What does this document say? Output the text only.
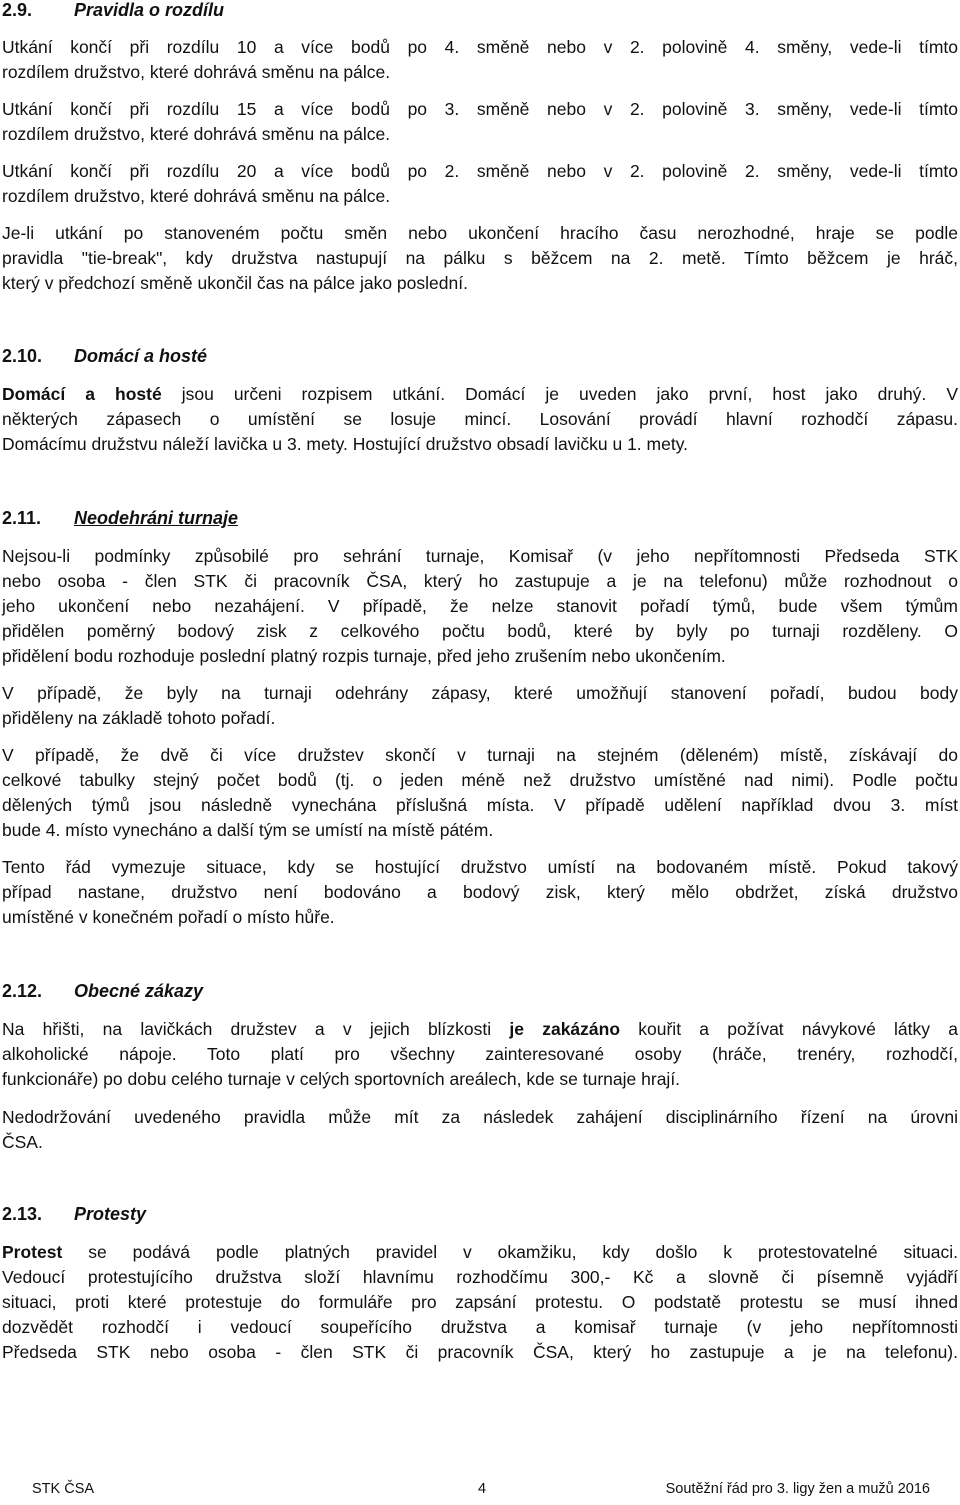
2.9. Pravidla o rozdílu
Utkání končí při rozdílu 10 a více bodů po 4. směně nebo v 2. polovině 4. směny, vede-li tímto
rozdílem družstvo, které dohrává směnu na pálce.
Utkání končí při rozdílu 15 a více bodů po 3. směně nebo v 2. polovině 3. směny, vede-li tímto
rozdílem družstvo, které dohrává směnu na pálce.
Utkání končí při rozdílu 20 a více bodů po 2. směně nebo v 2. polovině 2. směny, vede-li tímto
rozdílem družstvo, které dohrává směnu na pálce.
Je-li utkání po stanoveném počtu směn nebo ukončení hracího času nerozhodné, hraje se podle
pravidla "tie-break", kdy družstva nastupují na pálku s běžcem na 2. metě. Tímto běžcem je hráč,
který v předchozí směně ukončil čas na pálce jako poslední.
2.10. Domácí a hosté
Domácí a hosté jsou určeni rozpisem utkání. Domácí je uveden jako první, host jako druhý. V
některých zápasech o umístění se losuje mincí. Losování provádí hlavní rozhodčí zápasu.
Domácímu družstvu náleží lavička u 3. mety. Hostující družstvo obsadí lavičku u 1. mety.
2.11. Neodehráni turnaje
Nejsou-li podmínky způsobilé pro sehrání turnaje, Komisař (v jeho nepřítomnosti Předseda STK
nebo osoba - člen STK či pracovník ČSA, který ho zastupuje a je na telefonu) může rozhodnout o
jeho ukončení nebo nezahájení. V případě, že nelze stanovit pořadí týmů, bude všem týmům
přidělen poměrný bodový zisk z celkového počtu bodů, které by byly po turnaji rozděleny. O
přidělení bodu rozhoduje poslední platný rozpis turnaje, před jeho zrušením nebo ukončením.
V případě, že byly na turnaji odehrány zápasy, které umožňují stanovení pořadí, budou body
přiděleny na základě tohoto pořadí.
V případě, že dvě či více družstev skončí v turnaji na stejném (děleném) místě, získávají do
celkové tabulky stejný počet bodů (tj. o jeden méně než družstvo umístěné nad nimi). Podle počtu
dělených týmů jsou následně vynechána příslušná místa. V případě udělení například dvou 3. míst
bude 4. místo vynecháno a další tým se umístí na místě pátém.
Tento řád vymezuje situace, kdy se hostující družstvo umístí na bodovaném místě. Pokud takový
případ nastane, družstvo není bodováno a bodový zisk, který mělo obdržet, získá družstvo
umístěné v konečném pořadí o místo hůře.
2.12. Obecné zákazy
Na hřišti, na lavičkách družstev a v jejich blízkosti je zakázáno kouřit a požívat návykové látky a
alkoholické nápoje. Toto platí pro všechny zainteresované osoby (hráče, trenéry, rozhodčí,
funkcionáře) po dobu celého turnaje v celých sportovních areálech, kde se turnaje hrají.
Nedodržování uvedeného pravidla může mít za následek zahájení disciplinárního řízení na úrovni
ČSA.
2.13. Protesty
Protest se podává podle platných pravidel v okamžiku, kdy došlo k protestovatelné situaci.
Vedoucí protestujícího družstva složí hlavnímu rozhodčímu 300,- Kč a slovně či písemně vyjádří
situaci, proti které protestuje do formuláře pro zapsání protestu. O podstatě protestu se musí ihned
dozvědět rozhodčí i vedoucí soupeřícího družstva a komisař turnaje (v jeho nepřítomnosti
Předseda STK nebo osoba - člen STK či pracovník ČSA, který ho zastupuje a je na telefonu).
STK ČSA	4	Soutěžní řád pro 3. ligy žen a mužů 2016
